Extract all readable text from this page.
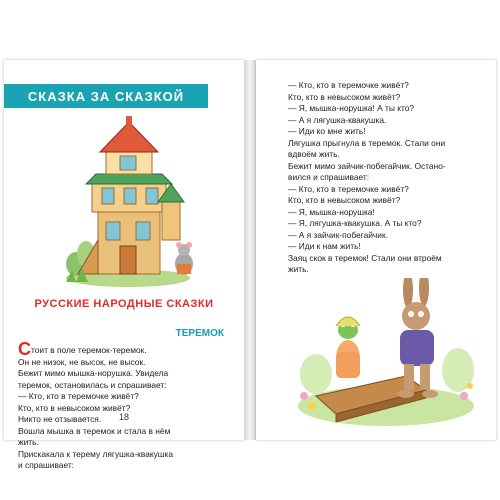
СКАЗКА ЗА СКАЗКОЙ
РУССКИЕ НАРОДНЫЕ СКАЗКИ
ТЕРЕМОК
Стоит в поле теремок-теремок.
Он не низок, не высок, не высок.
Бежит мимо мышка-норушка. Увидела
теремок, остановилась и спрашивает:
— Кто, кто в теремочке живёт?
Кто, кто в невысоком живёт?
Никто не отзывается.
Вошла мышка в теремок и стала в нём
жить.
Прискакала к терему лягушка-квакушка
и спрашивает:
18
— Кто, кто в теремочке живёт?
Кто, кто в невысоком живёт?
— Я, мышка-норушка! А ты кто?
— А я лягушка-квакушка.
— Иди ко мне жить!
Лягушка прыгнула в теремок. Стали они
вдвоём жить.
Бежит мимо зайчик-побегайчик. Останo-
вился и спрашивает:
— Кто, кто в теремочке живёт?
Кто, кто в невысоком живёт?
— Я, мышка-норушка!
— Я, лягушка-квакушка. А ты кто?
— А я зайчик-побегайчик.
— Иди к нам жить!
Заяц скок в теремок! Стали они втроём
жить.
